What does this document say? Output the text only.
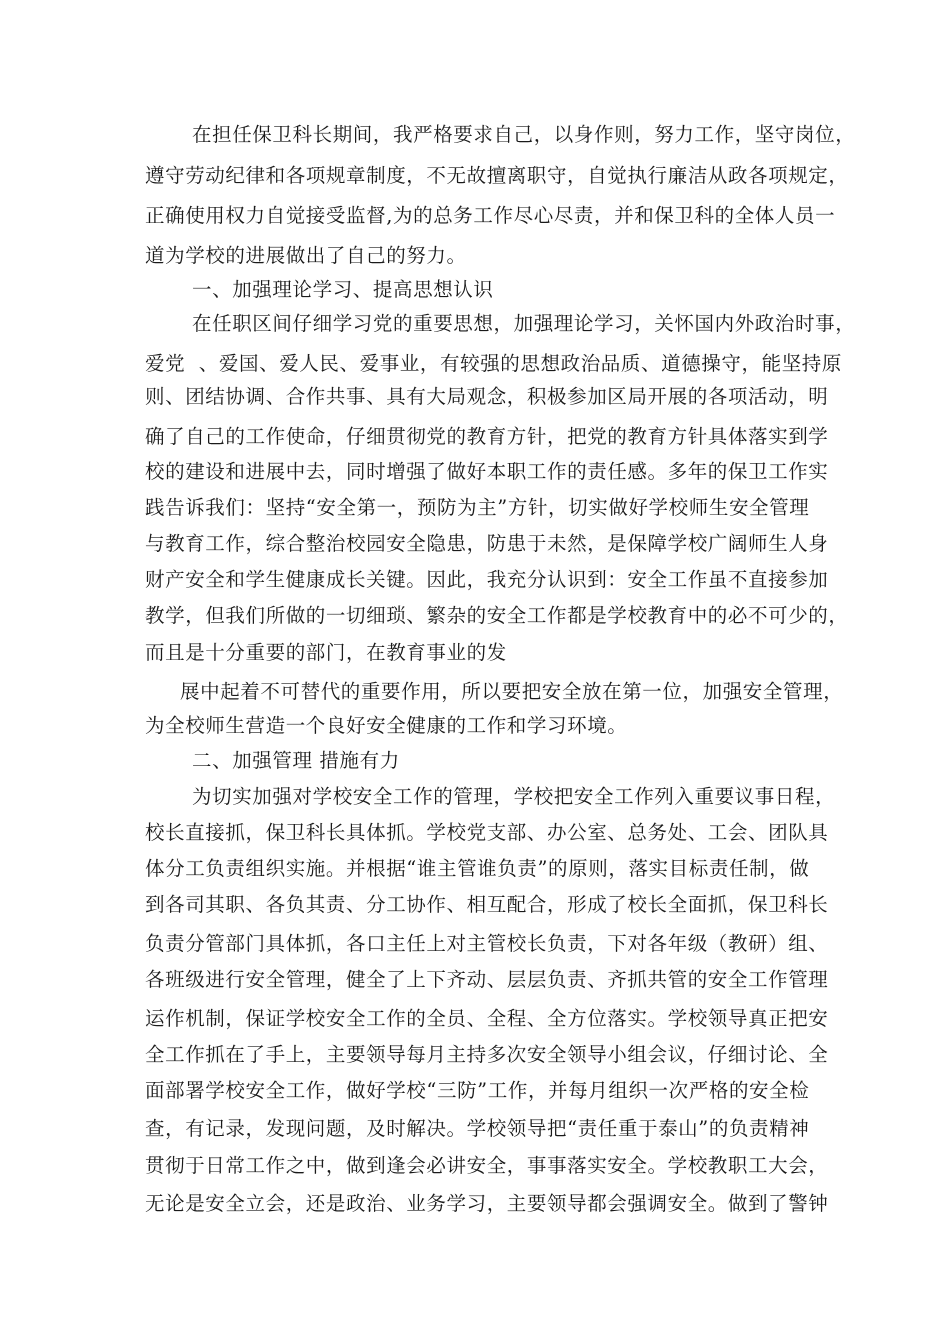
在担任保卫科长期间，我严格要求自己，以身作则，努力工作，坚守岗位，
遵守劳动纪律和各项规章制度，不无故擅离职守，自觉执行廉洁从政各项规定，
正确使用权力自觉接受监督,为的总务工作尽心尽责，并和保卫科的全体人员一
道为学校的进展做出了自己的努力。
一、加强理论学习、提高思想认识
在任职区间仔细学习党的重要思想，加强理论学习，关怀国内外政治时事，
爱党  、爱国、爱人民、爱事业，有较强的思想政治品质、道德操守，能坚持原
则、团结协调、合作共事、具有大局观念，积极参加区局开展的各项活动，明
确了自己的工作使命，仔细贯彻党的教育方针，把党的教育方针具体落实到学
校的建设和进展中去，同时增强了做好本职工作的责任感。多年的保卫工作实
践告诉我们：坚持“安全第一，预防为主”方针，切实做好学校师生安全管理
与教育工作，综合整治校园安全隐患，防患于未然，是保障学校广阔师生人身
财产安全和学生健康成长关键。因此，我充分认识到：安全工作虽不直接参加
教学，但我们所做的一切细琐、繁杂的安全工作都是学校教育中的必不可少的，
而且是十分重要的部门，在教育事业的发
展中起着不可替代的重要作用，所以要把安全放在第一位，加强安全管理，
为全校师生营造一个良好安全健康的工作和学习环境。
二、加强管理 措施有力
为切实加强对学校安全工作的管理，学校把安全工作列入重要议事日程，
校长直接抓，保卫科长具体抓。学校党支部、办公室、总务处、工会、团队具
体分工负责组织实施。并根据“谁主管谁负责”的原则，落实目标责任制，做
到各司其职、各负其责、分工协作、相互配合，形成了校长全面抓，保卫科长
负责分管部门具体抓，各口主任上对主管校长负责，下对各年级（教研）组、
各班级进行安全管理，健全了上下齐动、层层负责、齐抓共管的安全工作管理
运作机制，保证学校安全工作的全员、全程、全方位落实。学校领导真正把安
全工作抓在了手上，主要领导每月主持多次安全领导小组会议，仔细讨论、全
面部署学校安全工作，做好学校“三防”工作，并每月组织一次严格的安全检
查，有记录，发现问题，及时解决。学校领导把“责任重于泰山”的负责精神
贯彻于日常工作之中，做到逢会必讲安全，事事落实安全。学校教职工大会，
无论是安全立会，还是政治、业务学习，主要领导都会强调安全。做到了警钟
